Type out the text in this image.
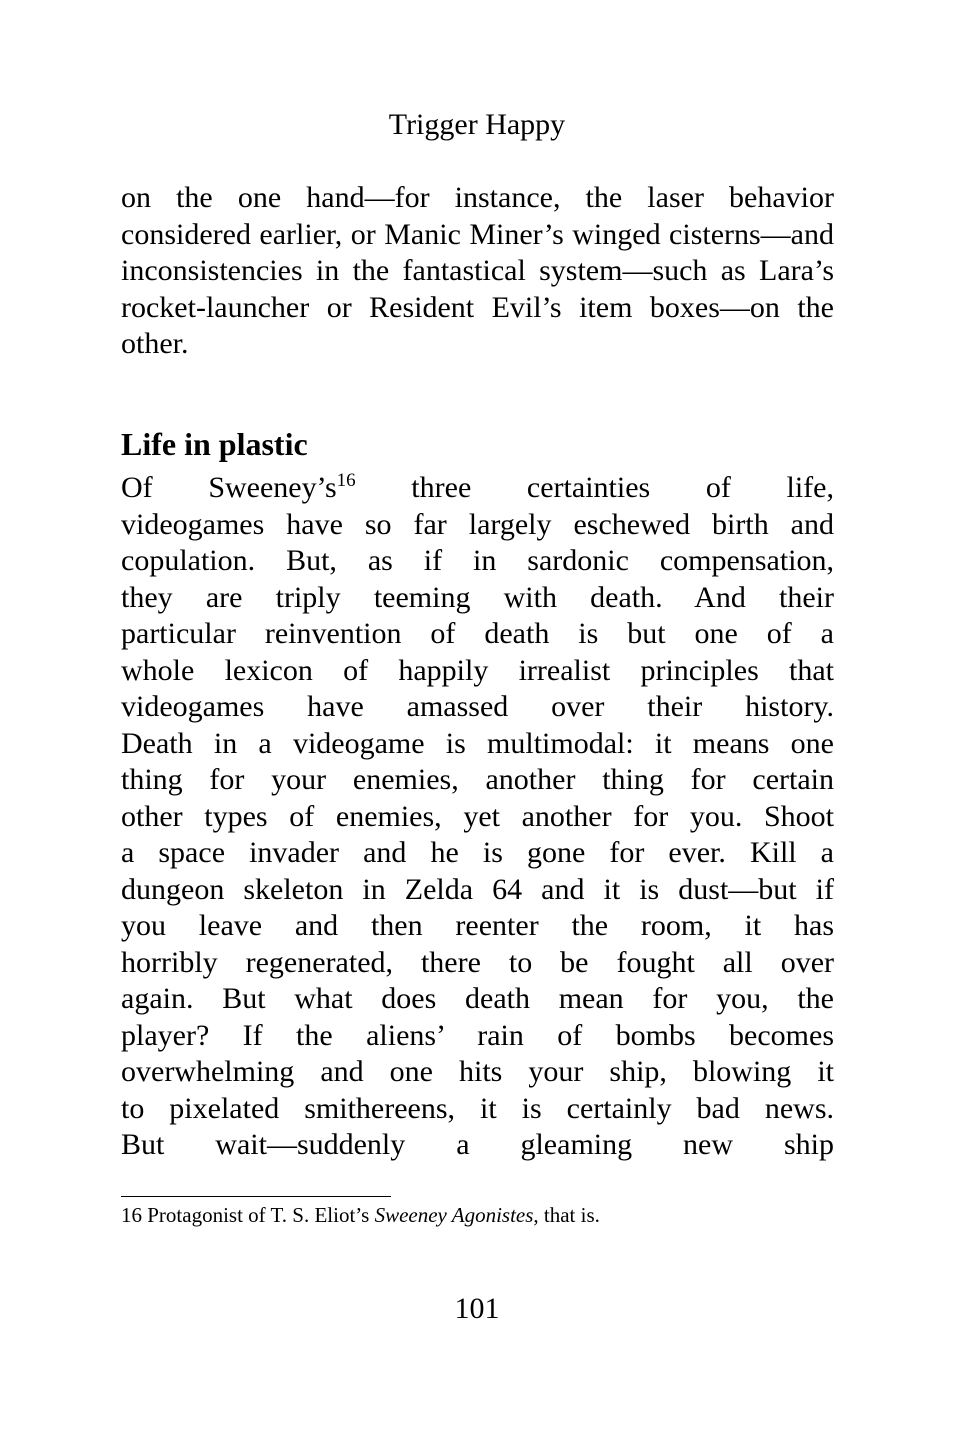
Trigger Happy

on the one hand—for instance, the laser behavior considered earlier, or Manic Miner’s winged cisterns—and inconsistencies in the fantastical system—such as Lara’s rocket-launcher or Resident Evil’s item boxes—on the other.

Life in plastic
Of $Sweeney’s^{16}$ three certainties of life,
videogames have so far largely eschewed birth and
copulation. But, as if in sardonic compensation,
they are triply teeming with death. And their
particular reinvention of death is but one of a
whole lexicon of happily irrealist principles that
videogames have amassed over their history.
Death in a videogame is multimodal: it means one
thing for your enemies, another thing for certain
other types of enemies, yet another for you. Shoot
a space invader and he is gone for ever. Kill a
dungeon skeleton in Zelda 64 and it is dust—but if
you leave and then reenter the room, it has
horribly regenerated, there to be fought all over
again. But what does death mean for you, the
player? If the aliens’ rain of bombs becomes
overwhelming and one hits your ship, blowing it
to pixelated smithereens, it is certainly bad news.
But wait—suddenly a gleaming new ship

16 Protagonist of T. S. Eliot’s Sweeney Agonistes, that is.

101
